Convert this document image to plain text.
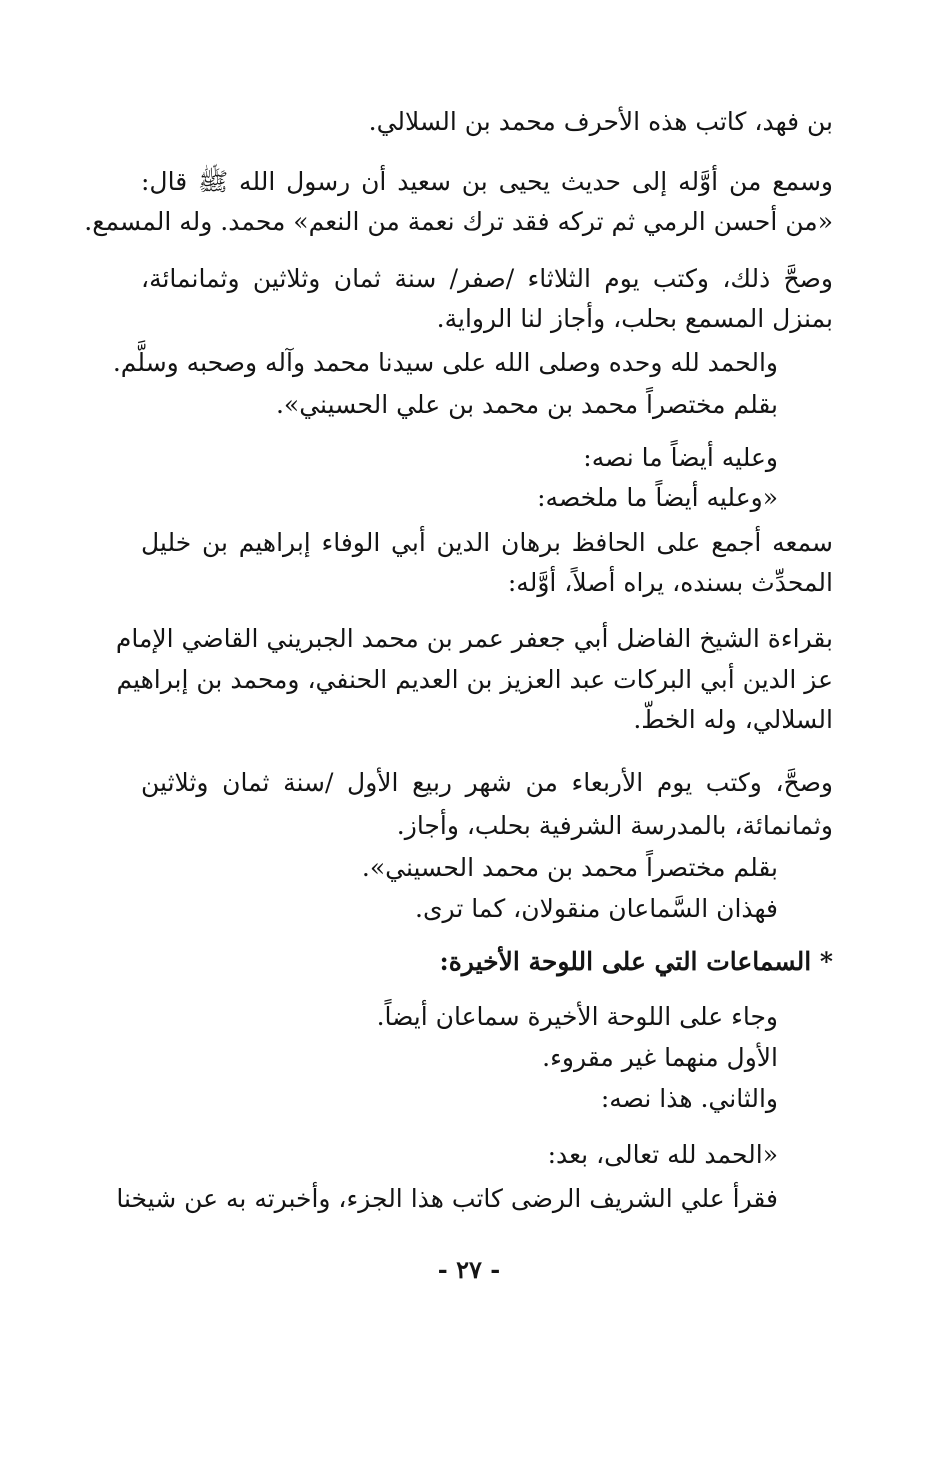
بن فهد، كاتب هذه الأحرف محمد بن السلالي.

وسمع من أوَّله إلى حديث يحيى بن سعيد أن رسول الله ﷺ قال:

«من أحسن الرمي ثم تركه فقد ترك نعمة من النعم» محمد. وله المسمع.

وصحَّ ذلك، وكتب يوم الثلاثاء /صفر/ سنة ثمان وثلاثين وثمانمائة،

بمنزل المسمع بحلب، وأجاز لنا الرواية.

والحمد لله وحده وصلى الله على سيدنا محمد وآله وصحبه وسلَّم.

بقلم مختصراً محمد بن محمد بن علي الحسيني».

وعليه أيضاً ما نصه:

«وعليه أيضاً ما ملخصه:

سمعه أجمع على الحافظ برهان الدين أبي الوفاء إبراهيم بن خليل

المحدِّث بسنده، يراه أصلاً، أوَّله:

بقراءة الشيخ الفاضل أبي جعفر عمر بن محمد الجبريني القاضي الإمام

عز الدين أبي البركات عبد العزيز بن العديم الحنفي، ومحمد بن إبراهيم

السلالي، وله الخطّ.

وصحَّ، وكتب يوم الأربعاء من شهر ربيع الأول /سنة ثمان وثلاثين

وثمانمائة، بالمدرسة الشرفية بحلب، وأجاز.

بقلم مختصراً محمد بن محمد الحسيني».

فهذان السَّماعان منقولان، كما ترى.

* السماعات التي على اللوحة الأخيرة:

وجاء على اللوحة الأخيرة سماعان أيضاً.

الأول منهما غير مقروء.

والثاني. هذا نصه:

«الحمد لله تعالى، بعد:

فقرأ علي الشريف الرضى كاتب هذا الجزء، وأخبرته به عن شيخنا

- ٢٧ -
